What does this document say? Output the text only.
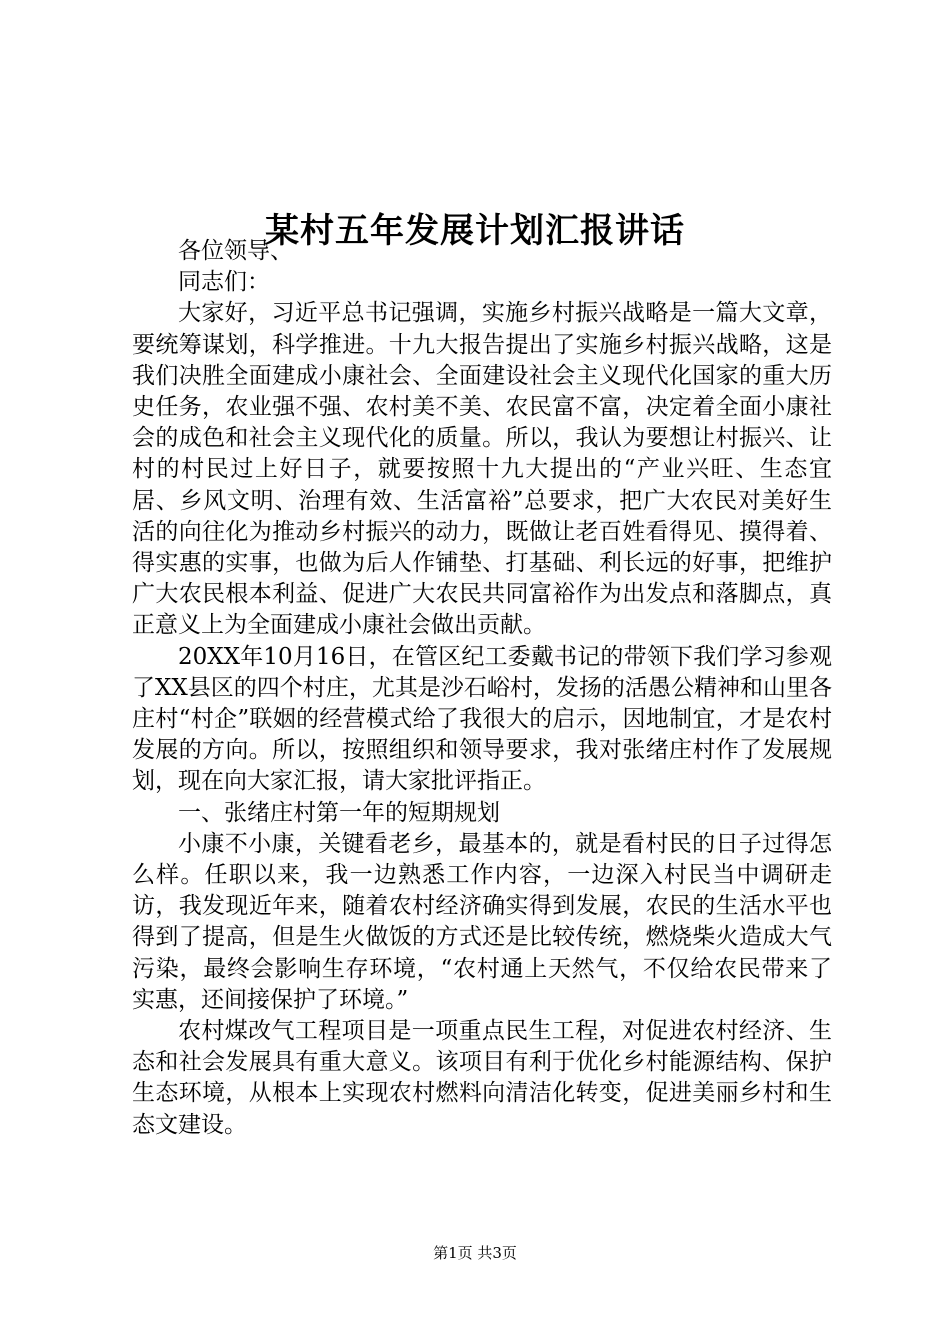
某村五年发展计划汇报讲话

各位领导、

同志们：

大家好，习近平总书记强调，实施乡村振兴战略是一篇大文章，要统筹谋划，科学推进。十九大报告提出了实施乡村振兴战略，这是我们决胜全面建成小康社会、全面建设社会主义现代化国家的重大历史任务，农业强不强、农村美不美、农民富不富，决定着全面小康社会的成色和社会主义现代化的质量。所以，我认为要想让村振兴、让村的村民过上好日子，就要按照十九大提出的“产业兴旺、生态宜居、乡风文明、治理有效、生活富裕”总要求，把广大农民对美好生活的向往化为推动乡村振兴的动力，既做让老百姓看得见、摸得着、得实惠的实事，也做为后人作铺垫、打基础、利长远的好事，把维护广大农民根本利益、促进广大农民共同富裕作为出发点和落脚点，真正意义上为全面建成小康社会做出贡献。

20XX年10月16日，在管区纪工委戴书记的带领下我们学习参观了XX县区的四个村庄，尤其是沙石峪村，发扬的活愚公精神和山里各庄村“村企”联姻的经营模式给了我很大的启示，因地制宜，才是农村发展的方向。所以，按照组织和领导要求，我对张绪庄村作了发展规划，现在向大家汇报，请大家批评指正。

一、张绪庄村第一年的短期规划

小康不小康，关键看老乡，最基本的，就是看村民的日子过得怎么样。任职以来，我一边熟悉工作内容，一边深入村民当中调研走访，我发现近年来，随着农村经济确实得到发展，农民的生活水平也得到了提高，但是生火做饭的方式还是比较传统，燃烧柴火造成大气污染，最终会影响生存环境，“农村通上天然气，不仅给农民带来了实惠，还间接保护了环境。”

农村煤改气工程项目是一项重点民生工程，对促进农村经济、生态和社会发展具有重大意义。该项目有利于优化乡村能源结构、保护生态环境，从根本上实现农村燃料向清洁化转变，促进美丽乡村和生态文建设。

第1页 共3页
